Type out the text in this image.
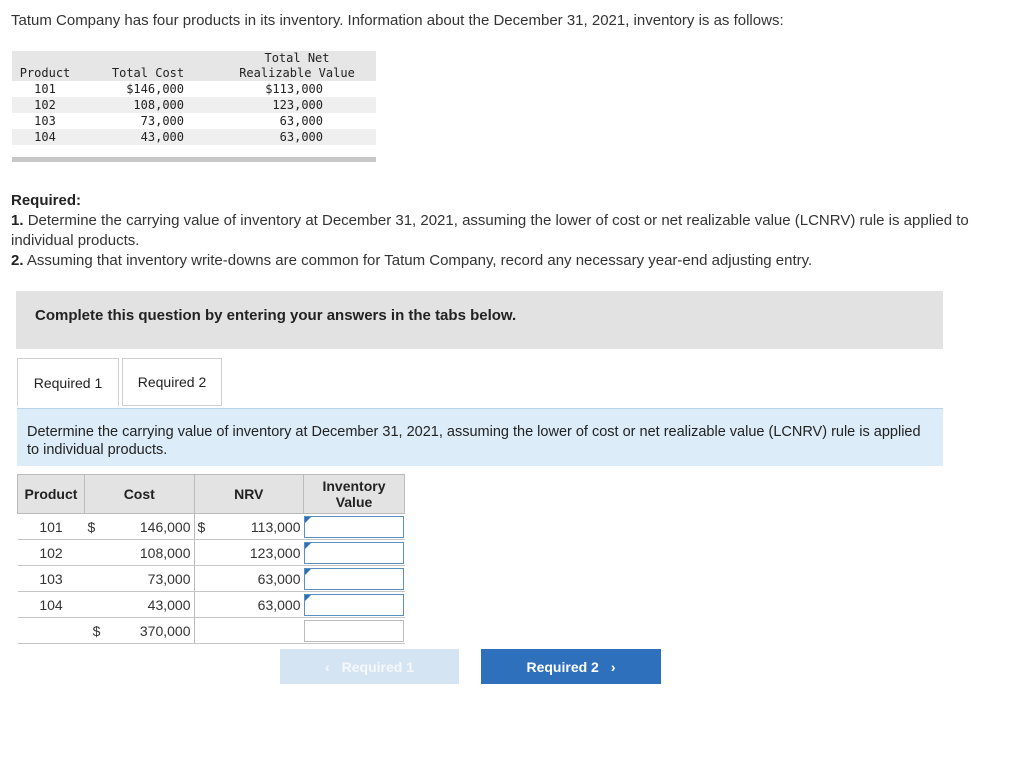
Tatum Company has four products in its inventory. Information about the December 31, 2021, inventory is as follows:
Product	Total Cost	Total Net
Realizable Value

101	$146,000	$113,000
102	108,000	123,000
103	73,000	63,000
104	43,000	63,000
Required:
1. Determine the carrying value of inventory at December 31, 2021, assuming the lower of cost or net realizable value (LCNRV) rule is applied to individual products.
2. Assuming that inventory write-downs are common for Tatum Company, record any necessary year-end adjusting entry.
Complete this question by entering your answers in the tabs below.
Required 1	Required 2
Determine the carrying value of inventory at December 31, 2021, assuming the lower of cost or net realizable value (LCNRV) rule is applied to individual products.
Product	Cost		NRV		Inventory Value
101	$	146,000	$	113,000	

102		108,000		123,000	

103		73,000		63,000	

104		43,000		63,000	

	$	370,000			
‹ Required 1	Required 2 ›
